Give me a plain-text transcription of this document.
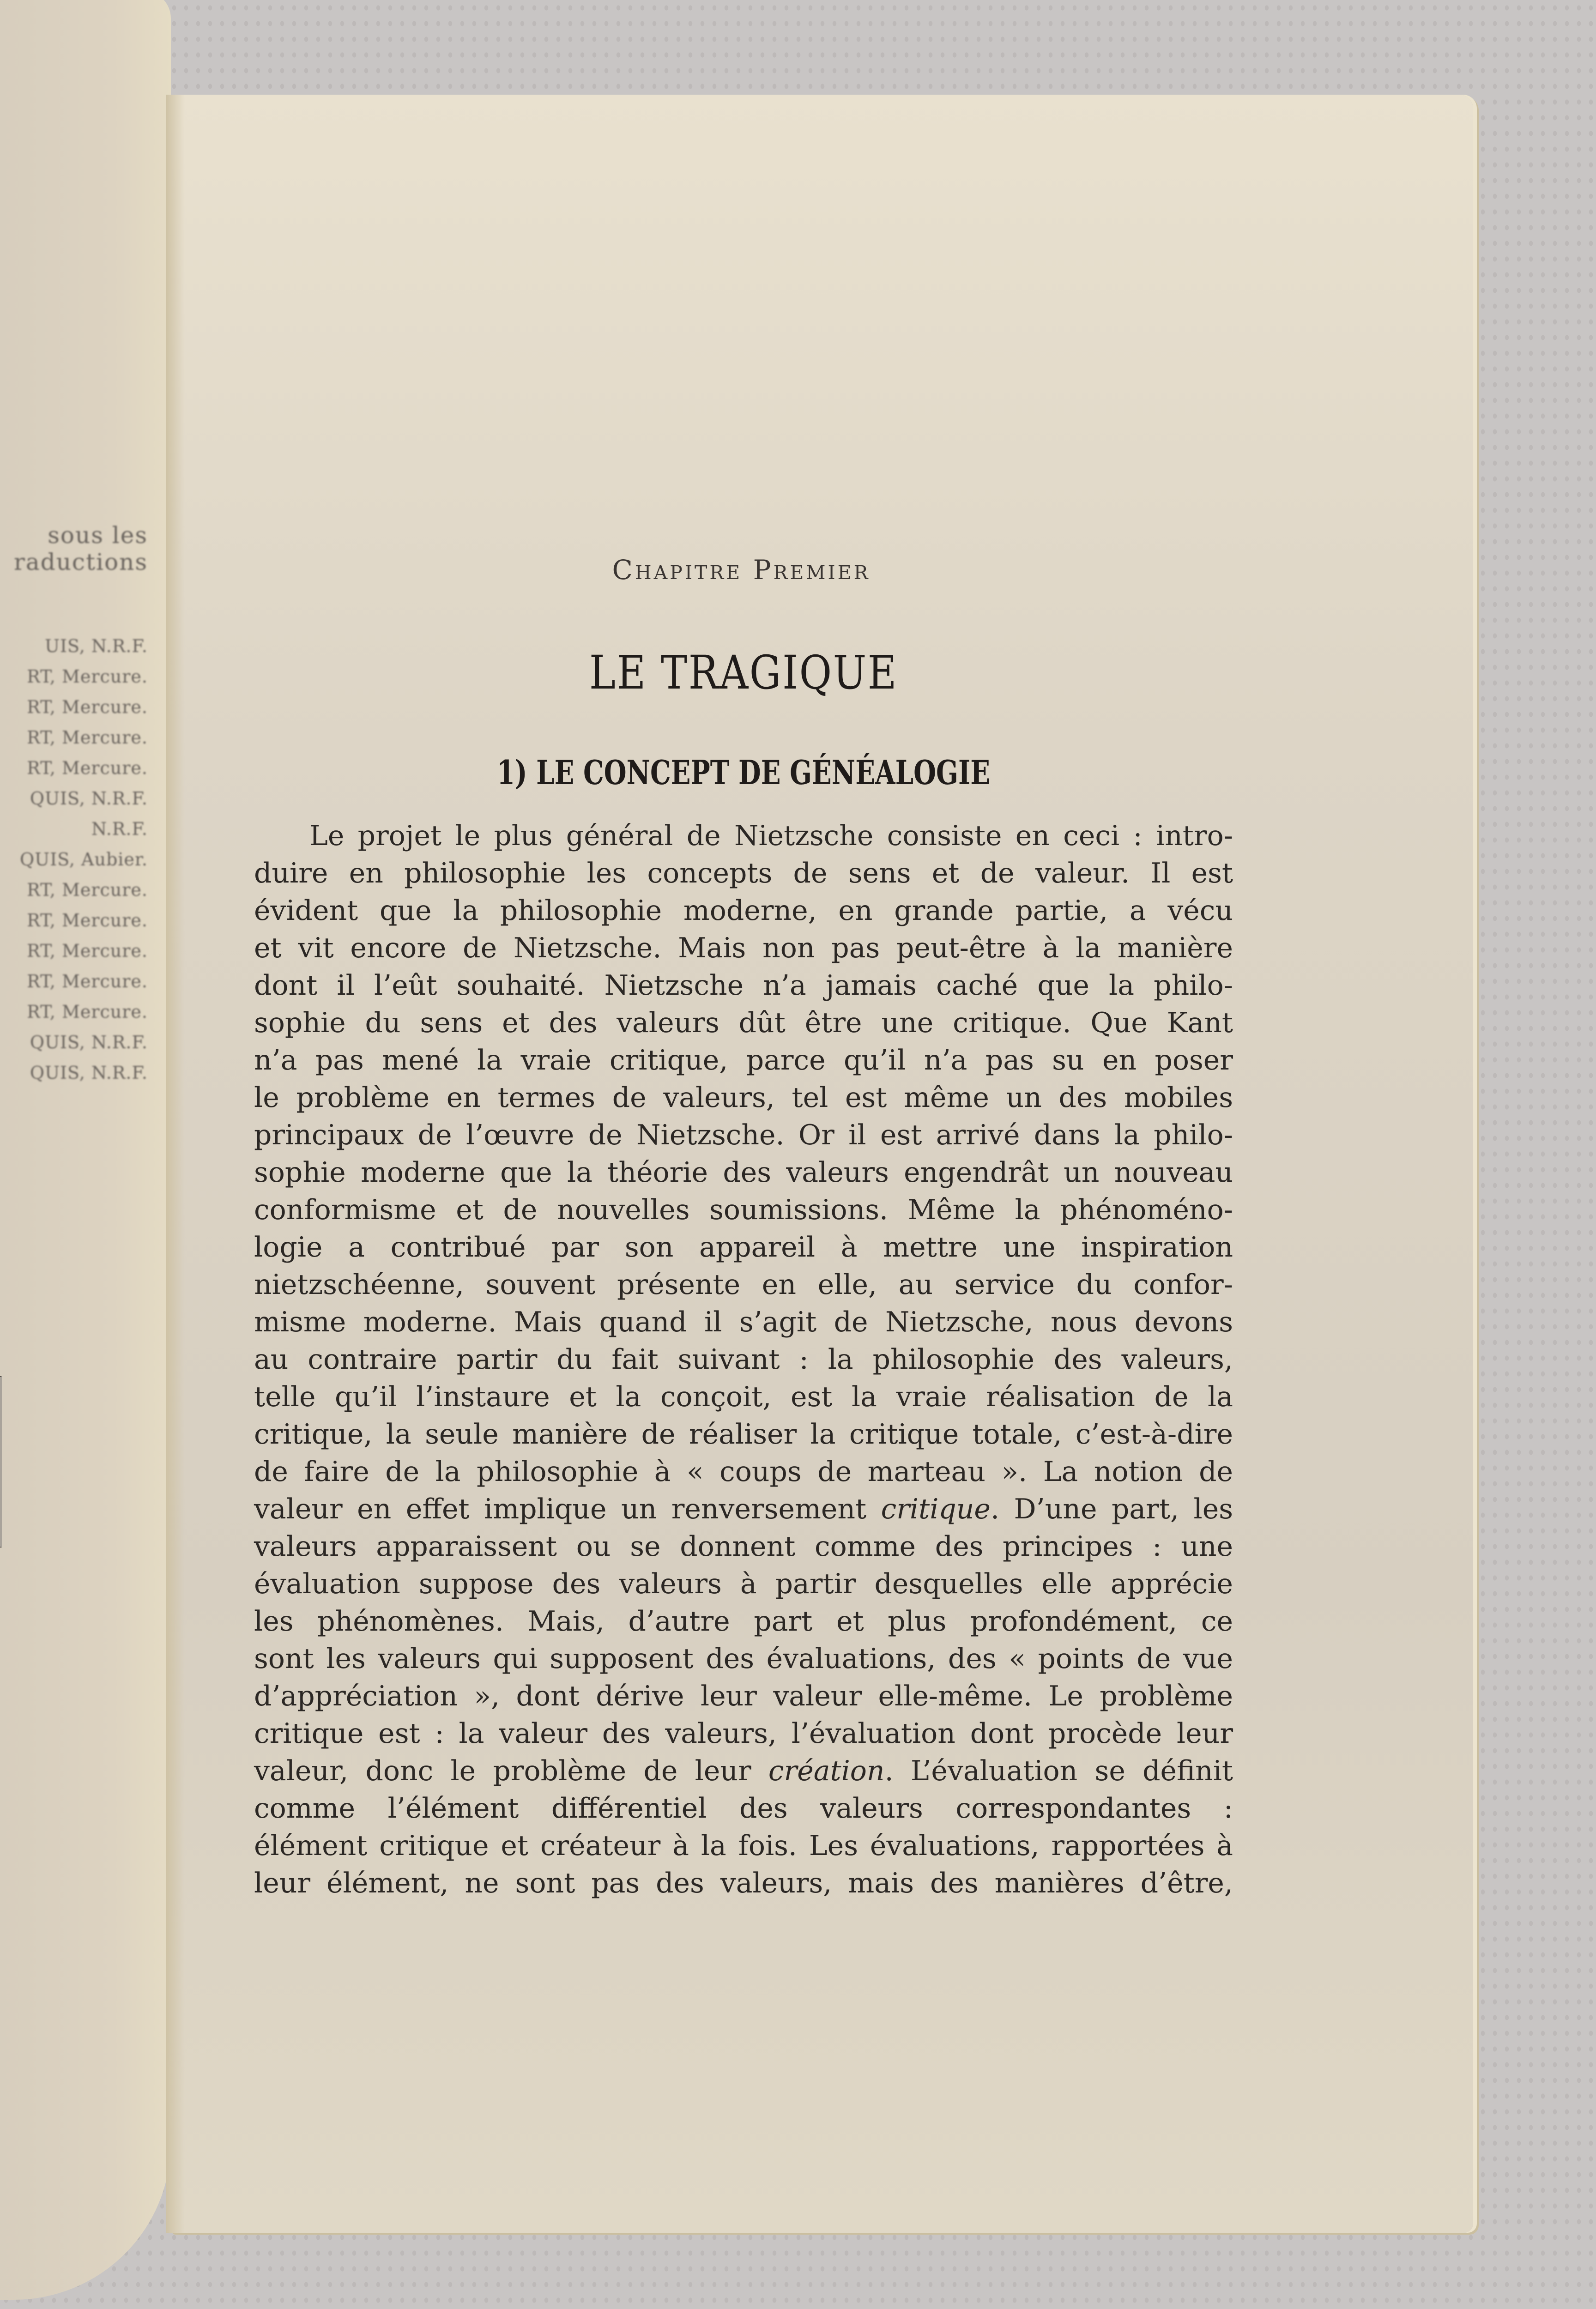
sous les
raductions
UIS, N.R.F.
RT, Mercure.
RT, Mercure.
RT, Mercure.
RT, Mercure.
QUIS, N.R.F.
N.R.F.
QUIS, Aubier.
RT, Mercure.
RT, Mercure.
RT, Mercure.
RT, Mercure.
RT, Mercure.
QUIS, N.R.F.
QUIS, N.R.F.
Chapitre Premier
LE TRAGIQUE
1) LE CONCEPT DE GÉNÉALOGIE
Le projet le plus général de Nietzsche consiste en ceci : intro-
duire en philosophie les concepts de sens et de valeur. Il est
évident que la philosophie moderne, en grande partie, a vécu
et vit encore de Nietzsche. Mais non pas peut-être à la manière
dont il l’eût souhaité. Nietzsche n’a jamais caché que la philo-
sophie du sens et des valeurs dût être une critique. Que Kant
n’a pas mené la vraie critique, parce qu’il n’a pas su en poser
le problème en termes de valeurs, tel est même un des mobiles
principaux de l’œuvre de Nietzsche. Or il est arrivé dans la philo-
sophie moderne que la théorie des valeurs engendrât un nouveau
conformisme et de nouvelles soumissions. Même la phénoméno-
logie a contribué par son appareil à mettre une inspiration
nietzschéenne, souvent présente en elle, au service du confor-
misme moderne. Mais quand il s’agit de Nietzsche, nous devons
au contraire partir du fait suivant : la philosophie des valeurs,
telle qu’il l’instaure et la conçoit, est la vraie réalisation de la
critique, la seule manière de réaliser la critique totale, c’est-à-dire
de faire de la philosophie à « coups de marteau ». La notion de
valeur en effet implique un renversement critique. D’une part, les
valeurs apparaissent ou se donnent comme des principes : une
évaluation suppose des valeurs à partir desquelles elle apprécie
les phénomènes. Mais, d’autre part et plus profondément, ce
sont les valeurs qui supposent des évaluations, des « points de vue
d’appréciation », dont dérive leur valeur elle-même. Le problème
critique est : la valeur des valeurs, l’évaluation dont procède leur
valeur, donc le problème de leur création. L’évaluation se définit
comme l’élément différentiel des valeurs correspondantes :
élément critique et créateur à la fois. Les évaluations, rapportées à
leur élément, ne sont pas des valeurs, mais des manières d’être,
